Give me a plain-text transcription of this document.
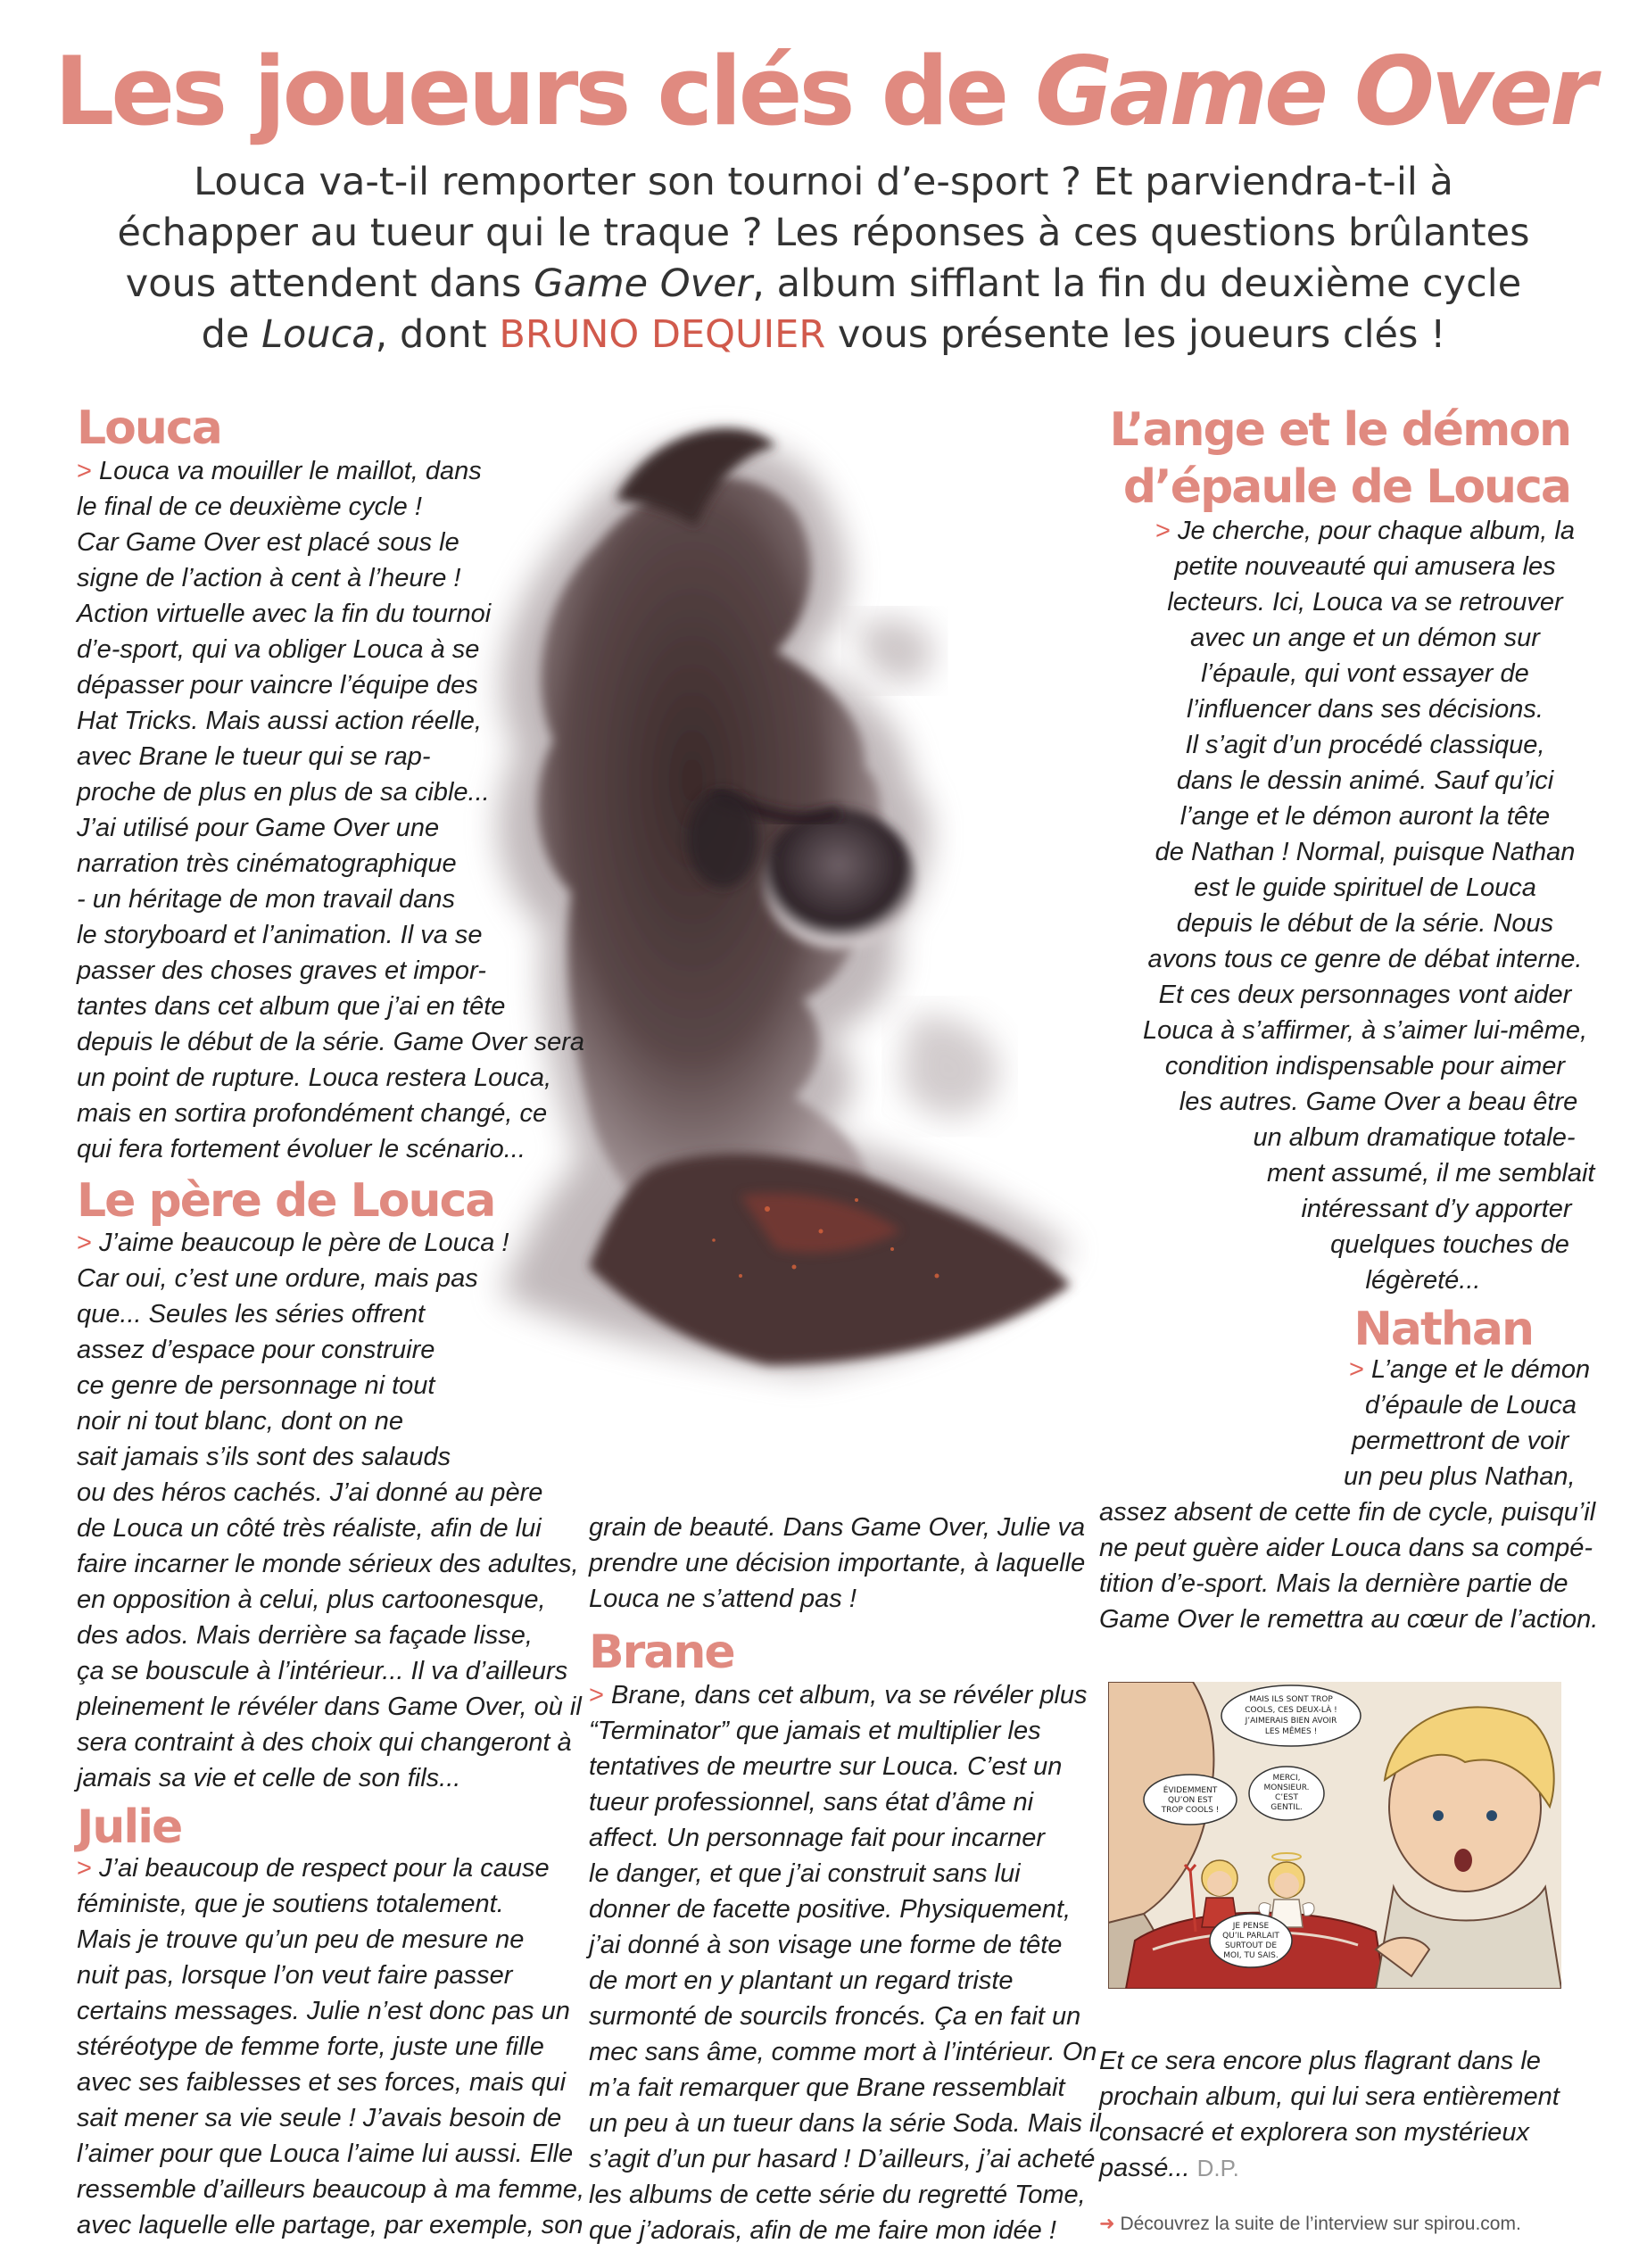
Les joueurs clés de Game Over

Louca va-t-il remporter son tournoi d’e-sport ? Et parviendra-t-il à

échapper au tueur qui le traque ? Les réponses à ces questions brûlantes

vous attendent dans Game Over, album sifflant la fin du deuxième cycle

de Louca, dont BRUNO DEQUIER vous présente les joueurs clés !

Louca
> Louca va mouiller le maillot, dans
le final de ce deuxième cycle !
Car Game Over est placé sous le
signe de l’action à cent à l’heure !
Action virtuelle avec la fin du tournoi
d’e-sport, qui va obliger Louca à se
dépasser pour vaincre l’équipe des
Hat Tricks. Mais aussi action réelle,
avec Brane le tueur qui se rap-
proche de plus en plus de sa cible...
J’ai utilisé pour Game Over une
narration très cinématographique
- un héritage de mon travail dans
le storyboard et l’animation. Il va se
passer des choses graves et impor-
tantes dans cet album que j’ai en tête
depuis le début de la série. Game Over sera
un point de rupture. Louca restera Louca,
mais en sortira profondément changé, ce
qui fera fortement évoluer le scénario...
Le père de Louca
> J’aime beaucoup le père de Louca !
Car oui, c’est une ordure, mais pas
que... Seules les séries offrent
assez d’espace pour construire
ce genre de personnage ni tout
noir ni tout blanc, dont on ne
sait jamais s’ils sont des salauds
ou des héros cachés. J’ai donné au père
de Louca un côté très réaliste, afin de lui
faire incarner le monde sérieux des adultes,
en opposition à celui, plus cartoonesque,
des ados. Mais derrière sa façade lisse,
ça se bouscule à l’intérieur... Il va d’ailleurs
pleinement le révéler dans Game Over, où il
sera contraint à des choix qui changeront à
jamais sa vie et celle de son fils...
Julie
> J’ai beaucoup de respect pour la cause
féministe, que je soutiens totalement.
Mais je trouve qu’un peu de mesure ne
nuit pas, lorsque l’on veut faire passer
certains messages. Julie n’est donc pas un
stéréotype de femme forte, juste une fille
avec ses faiblesses et ses forces, mais qui
sait mener sa vie seule ! J’avais besoin de
l’aimer pour que Louca l’aime lui aussi. Elle
ressemble d’ailleurs beaucoup à ma femme,
avec laquelle elle partage, par exemple, son
grain de beauté. Dans Game Over, Julie va
prendre une décision importante, à laquelle
Louca ne s’attend pas !
Brane
> Brane, dans cet album, va se révéler plus
“Terminator” que jamais et multiplier les
tentatives de meurtre sur Louca. C’est un
tueur professionnel, sans état d’âme ni
affect. Un personnage fait pour incarner
le danger, et que j’ai construit sans lui
donner de facette positive. Physiquement,
j’ai donné à son visage une forme de tête
de mort en y plantant un regard triste
surmonté de sourcils froncés. Ça en fait un
mec sans âme, comme mort à l’intérieur. On
m’a fait remarquer que Brane ressemblait
un peu à un tueur dans la série Soda. Mais il
s’agit d’un pur hasard ! D’ailleurs, j’ai acheté
les albums de cette série du regretté Tome,
que j’adorais, afin de me faire mon idée !
L’ange et le démon
d’épaule de Louca
> Je cherche, pour chaque album, la
petite nouveauté qui amusera les
lecteurs. Ici, Louca va se retrouver
avec un ange et un démon sur
l’épaule, qui vont essayer de
l’influencer dans ses décisions.
Il s’agit d’un procédé classique,
dans le dessin animé. Sauf qu’ici
l’ange et le démon auront la tête
de Nathan ! Normal, puisque Nathan
est le guide spirituel de Louca
depuis le début de la série. Nous
avons tous ce genre de débat interne.
Et ces deux personnages vont aider
Louca à s’affirmer, à s’aimer lui-même,
condition indispensable pour aimer
les autres. Game Over a beau être
un album dramatique totale-
ment assumé, il me semblait
intéressant d’y apporter
quelques touches de
légèreté...
Nathan
> L’ange et le démon
d’épaule de Louca
permettront de voir
un peu plus Nathan,
assez absent de cette fin de cycle, puisqu’il
ne peut guère aider Louca dans sa compé-
tition d’e-sport. Mais la dernière partie de
Game Over le remettra au cœur de l’action.
MAIS ILS SONT TROP
COOLS, CES DEUX-LÀ !
J’AIMERAIS BIEN AVOIR
LES MÊMES !
ÉVIDEMMENT
QU’ON EST
TROP COOLS !
MERCI,
MONSIEUR.
C’EST
GENTIL.
JE PENSE
QU’IL PARLAIT
SURTOUT DE
MOI, TU SAIS.
Et ce sera encore plus flagrant dans le
prochain album, qui lui sera entièrement
consacré et explorera son mystérieux
passé... D.P.
➜ Découvrez la suite de l’interview sur spirou.com.
